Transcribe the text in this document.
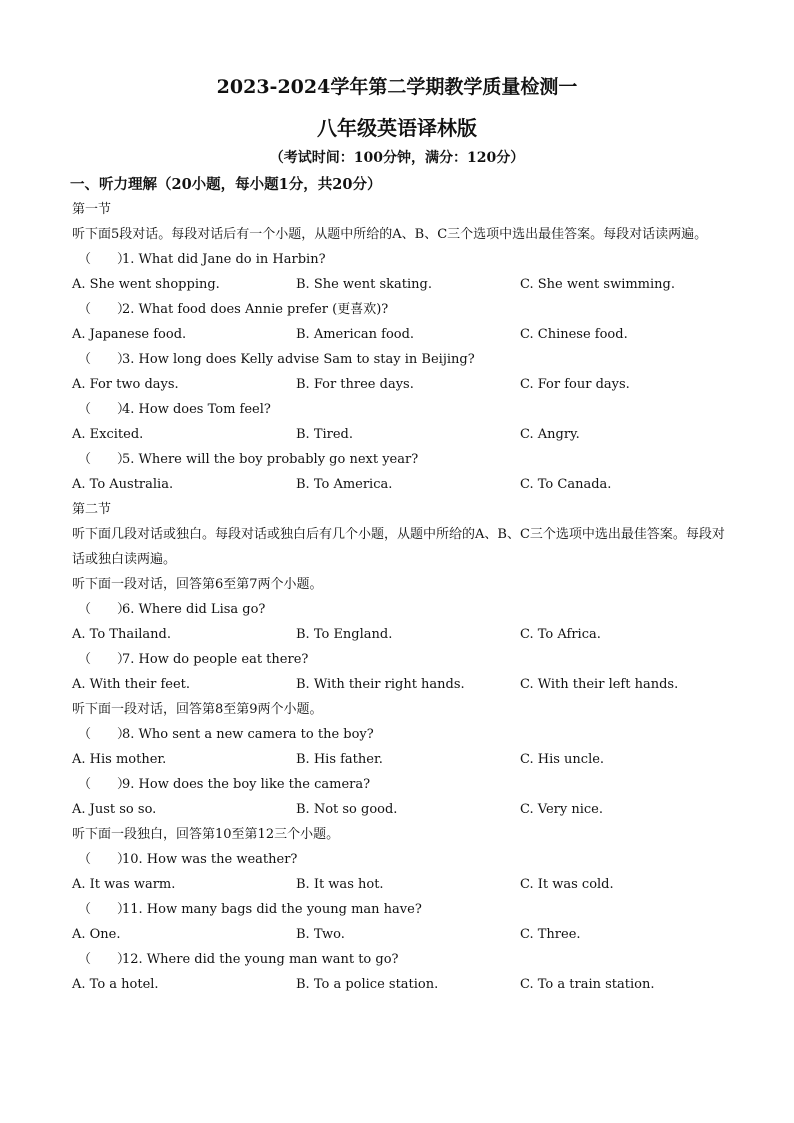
2023-2024学年第二学期教学质量检测一
八年级英语译林版
（考试时间：100分钟，满分：120分）
一、听力理解（20小题，每小题1分，共20分）
第一节
听下面5段对话。每段对话后有一个小题，从题中所给的A、B、C三个选项中选出最佳答案。每段对话读两遍。
（　　）1. What did Jane do in Harbin?
A. She went shopping.	B. She went skating.	C. She went swimming.
（　　）2. What food does Annie prefer (更喜欢)?
A. Japanese food.	B. American food.	C. Chinese food.
（　　）3. How long does Kelly advise Sam to stay in Beijing?
A. For two days.	B. For three days.	C. For four days.
（　　）4. How does Tom feel?
A. Excited.	B. Tired.	C. Angry.
（　　）5. Where will the boy probably go next year?
A. To Australia.	B. To America.	C. To Canada.
第二节
听下面几段对话或独白。每段对话或独白后有几个小题，从题中所给的A、B、C三个选项中选出最佳答案。每段对话或独白读两遍。
听下面一段对话，回答第6至第7两个小题。
（　　）6. Where did Lisa go?
A. To Thailand.	B. To England.	C. To Africa.
（　　）7. How do people eat there?
A. With their feet.	B. With their right hands.	C. With their left hands.
听下面一段对话，回答第8至第9两个小题。
（　　）8. Who sent a new camera to the boy?
A. His mother.	B. His father.	C. His uncle.
（　　）9. How does the boy like the camera?
A. Just so so.	B. Not so good.	C. Very nice.
听下面一段独白，回答第10至第12三个小题。
（　　）10. How was the weather?
A. It was warm.	B. It was hot.	C. It was cold.
（　　）11. How many bags did the young man have?
A. One.	B. Two.	C. Three.
（　　）12. Where did the young man want to go?
A. To a hotel.	B. To a police station.	C. To a train station.
